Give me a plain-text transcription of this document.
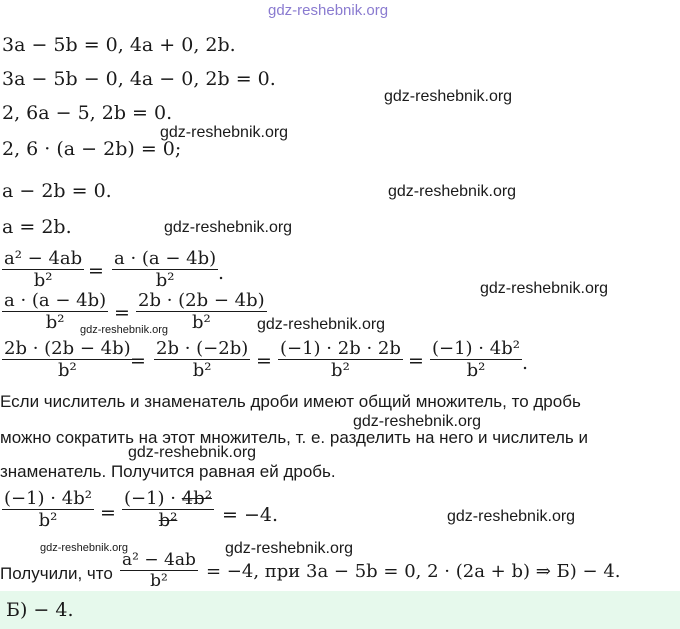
gdz-reshebnik.org
3a − 5b = 0, 4a + 0, 2b.
3a − 5b − 0, 4a − 0, 2b = 0.
2, 6a − 5, 2b = 0.
2, 6 · (a − 2b) = 0;
a − 2b = 0.
a = 2b.
gdz-reshebnik.org
gdz-reshebnik.org
gdz-reshebnik.org
gdz-reshebnik.org
gdz-reshebnik.org
gdz-reshebnik.org	gdz-reshebnik.org
gdz-reshebnik.org
gdz-reshebnik.org
gdz-reshebnik.org
gdz-reshebnik.org	gdz-reshebnik.org
$\frac{\text{a² − 4ab}}{\text{b²}} = \frac{a \cdot (a - 4b)}{\text{b²}}$ .
$\frac{a \cdot (a - 4b)}{\text{b²}} = \frac{2b \cdot (2b - 4b)}{\text{b²}}$
$\frac{2b \cdot (2b - 4b)}{\text{b²}}$
= $\frac{2b \cdot (-2b)}{\text{b²}} = \frac{(-1) \cdot 2b \cdot 2b}{\text{b²}} = \frac{\text{(−1) · 4b²}}{\text{b²}}$ .
Если числитель и знаменатель дроби имеют общий множитель, то дробь
можно сократить на этот множитель, т. е. разделить на него и числитель и
знаменатель. Получится равная ей дробь.
$\frac{\text{(−1) · 4b²}}{\text{b²}} = \frac{\text{(−1) · 4b²}}{\text{b²}} = -4$.
Получили, что $\frac{\text{a² − 4ab}}{\text{b²}} = -4$, при 3a − 5b = 0, 2 · (2a + b) ⇒ Б) − 4.
Б) − 4.
